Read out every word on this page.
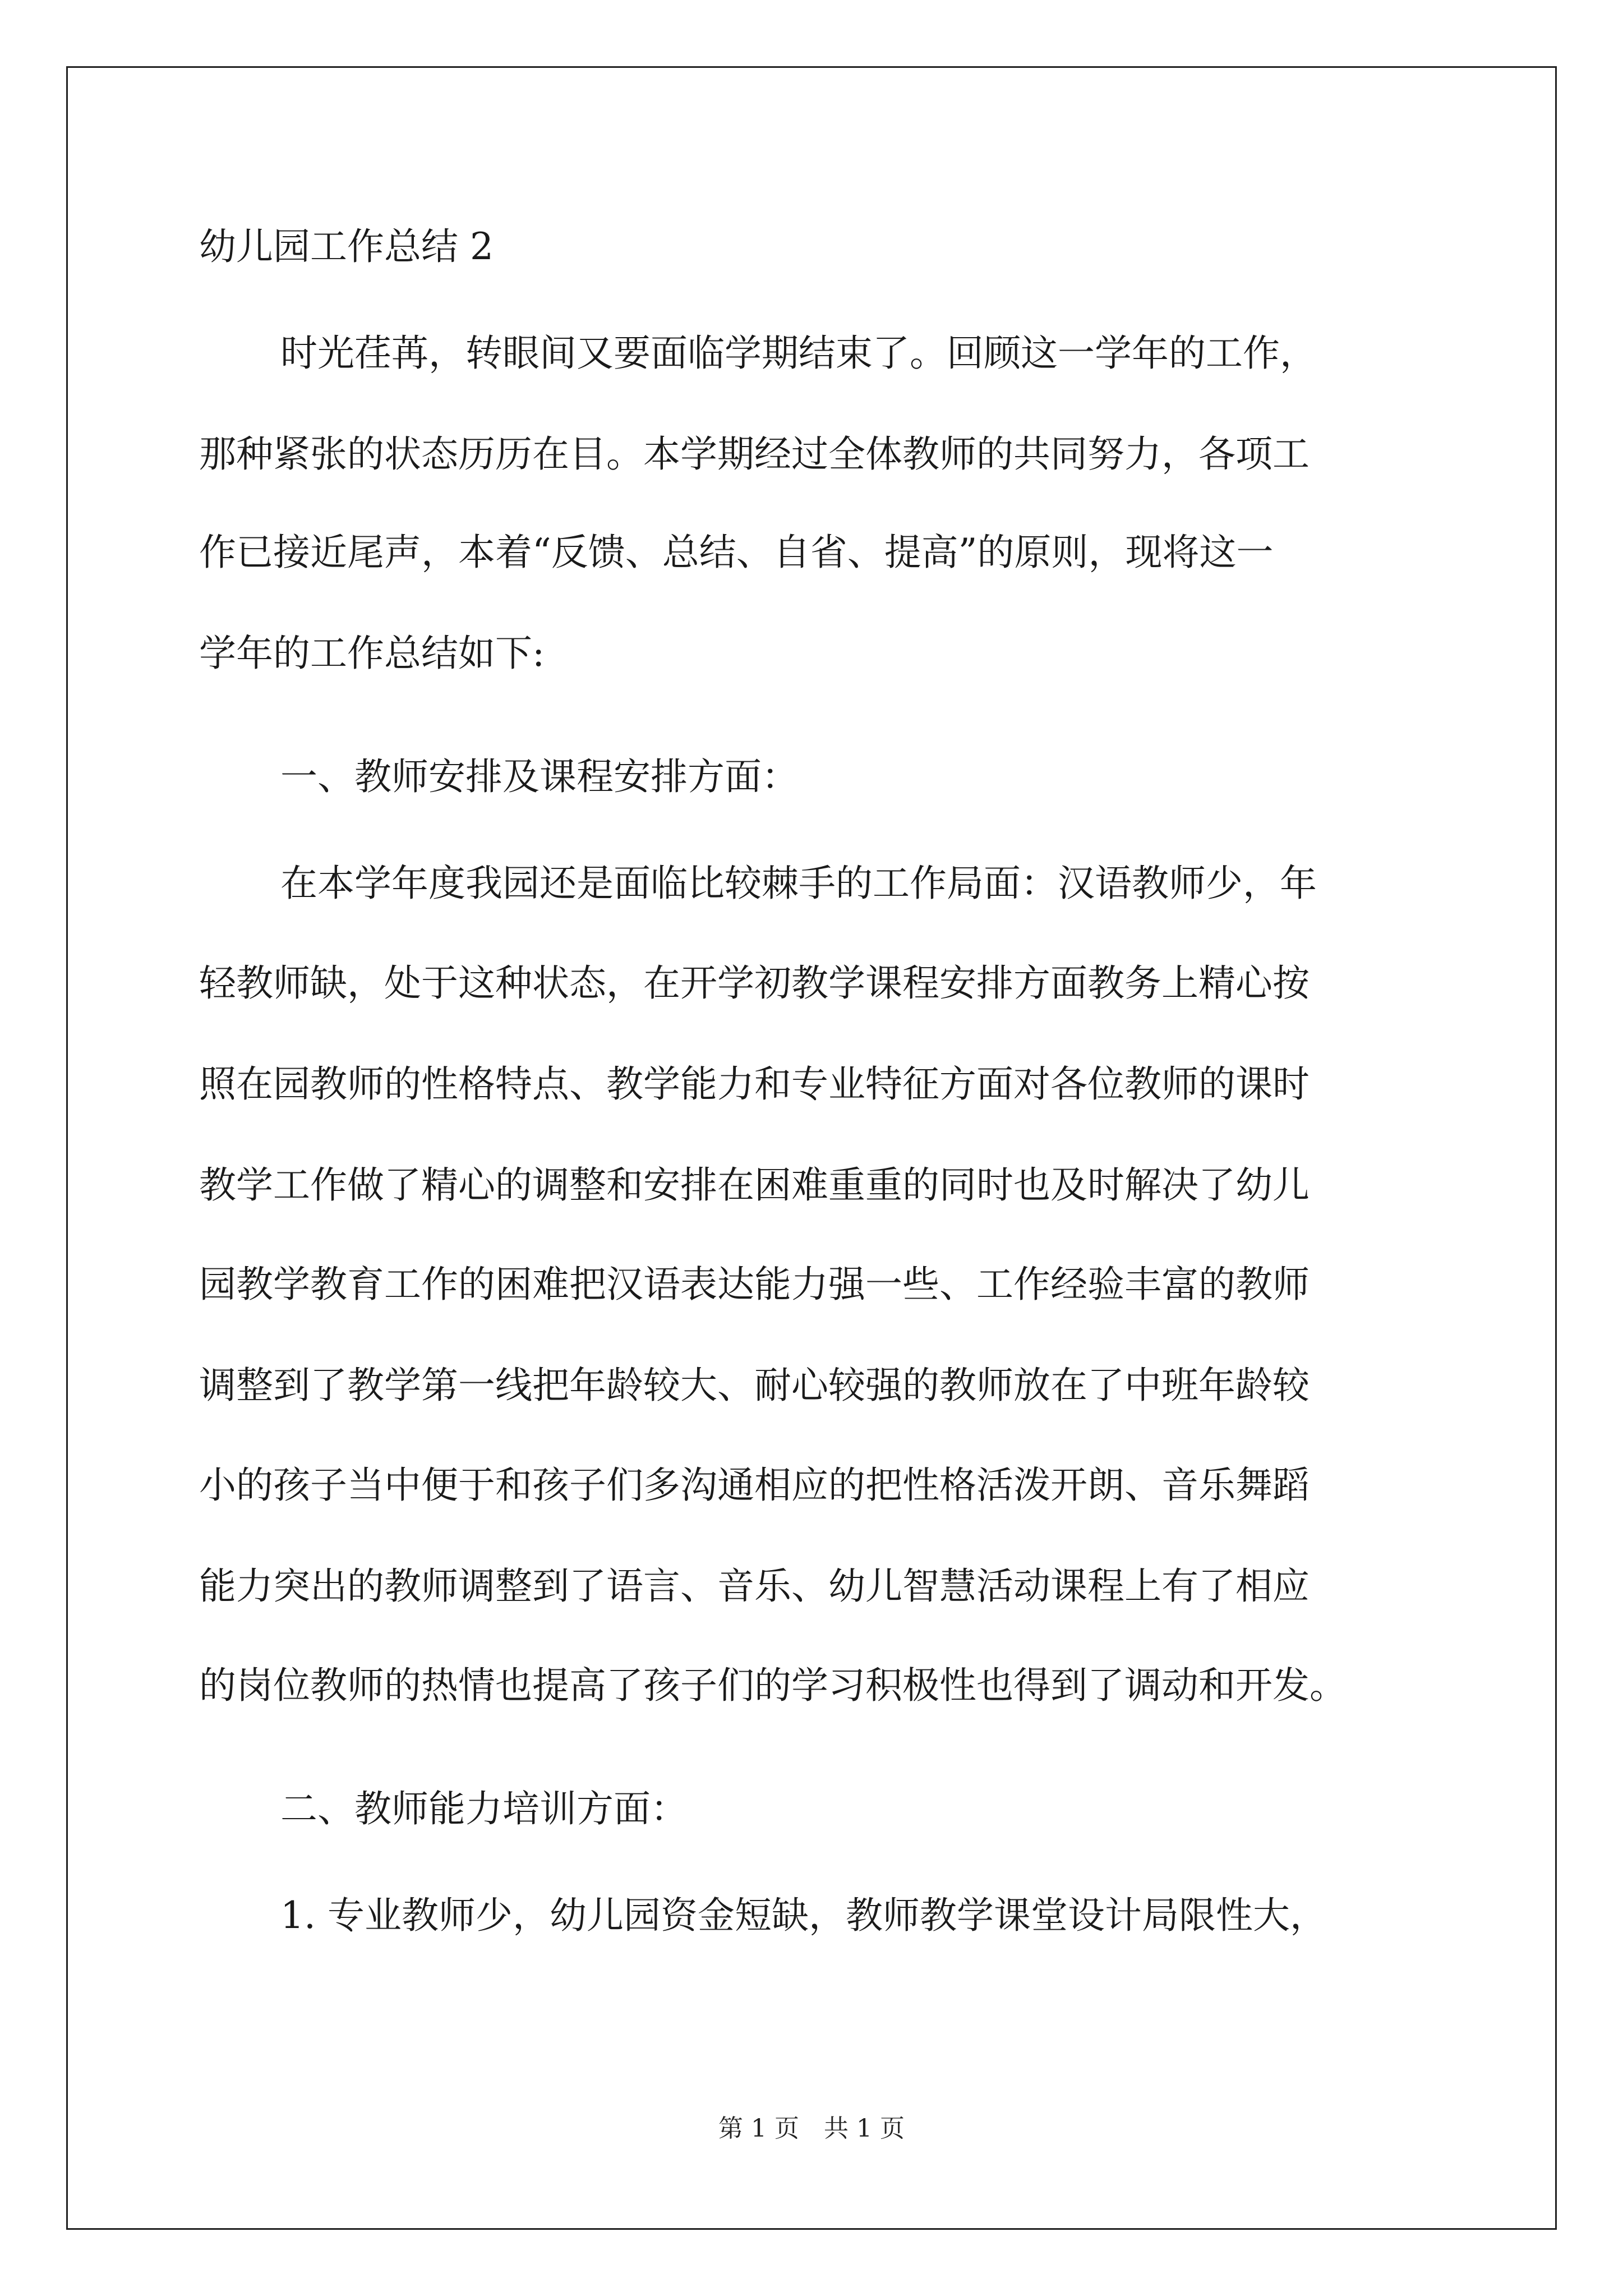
幼儿园工作总结 2
时光荏苒，转眼间又要面临学期结束了。回顾这一学年的工作，
那种紧张的状态历历在目。本学期经过全体教师的共同努力，各项工
作已接近尾声，本着“反馈、总结、自省、提高”的原则，现将这一
学年的工作总结如下:
一、教师安排及课程安排方面：
在本学年度我园还是面临比较棘手的工作局面：汉语教师少，年
轻教师缺，处于这种状态，在开学初教学课程安排方面教务上精心按
照在园教师的性格特点、教学能力和专业特征方面对各位教师的课时
教学工作做了精心的调整和安排在困难重重的同时也及时解决了幼儿
园教学教育工作的困难把汉语表达能力强一些、工作经验丰富的教师
调整到了教学第一线把年龄较大、耐心较强的教师放在了中班年龄较
小的孩子当中便于和孩子们多沟通相应的把性格活泼开朗、音乐舞蹈
能力突出的教师调整到了语言、音乐、幼儿智慧活动课程上有了相应
的岗位教师的热情也提高了孩子们的学习积极性也得到了调动和开发。
二、教师能力培训方面：
1. 专业教师少，幼儿园资金短缺，教师教学课堂设计局限性大，
第 1 页　共 1 页
